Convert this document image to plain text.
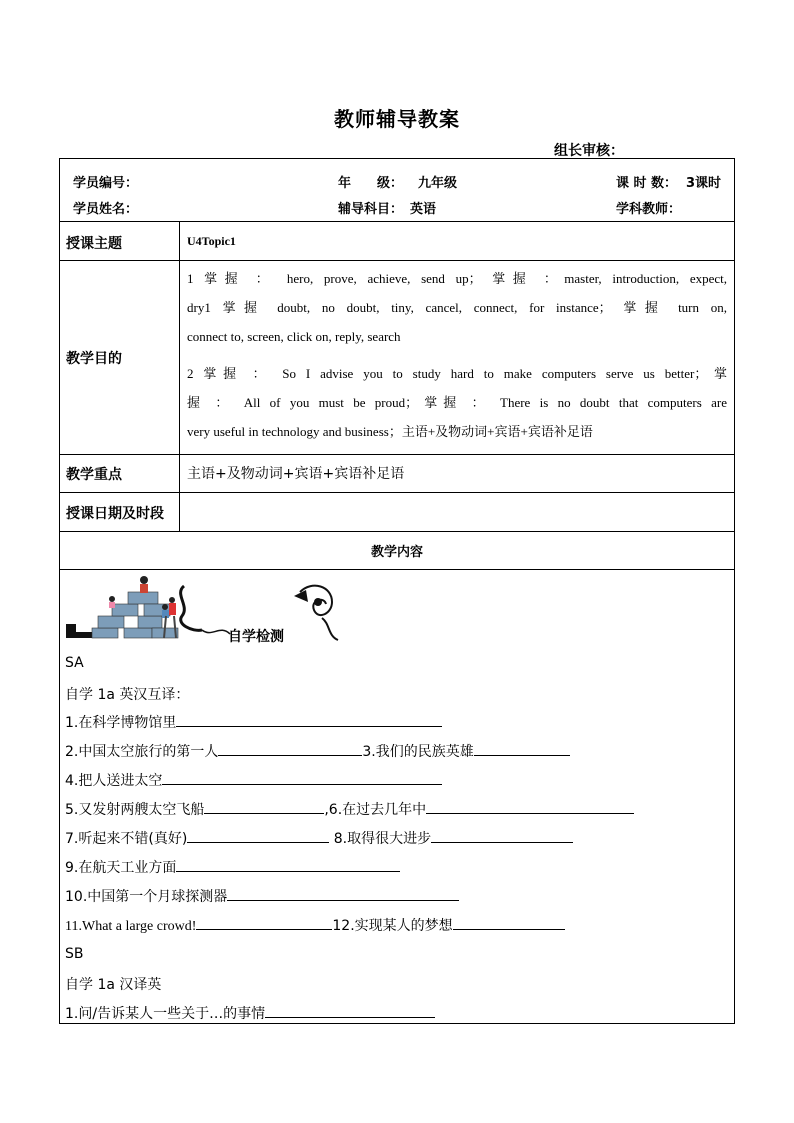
教师辅导教案
组长审核：
学员编号：	年　　级： 九年级	课 时 数： 3课时
学员姓名：	辅导科目： 英语	学科教师：
授课主题	U4Topic1
教学目的
1 掌握 ： hero, prove, achieve, send up； 掌握 ：master, introduction, expect,
dry1 掌握 doubt, no doubt, tiny, cancel, connect, for instance； 掌握 turn on,
connect to, screen, click on, reply, search
2 掌握 ： So I advise you to study hard to make computers serve us better；掌
握 ： All of you must be proud；掌握 ： There is no doubt that computers are
very useful in technology and business；主语+及物动词+宾语+宾语补足语
教学重点	主语+及物动词+宾语+宾语补足语
授课日期及时段
教学内容
自学检测
SA
自学 1a 英汉互译：
1.在科学博物馆里
2.中国太空旅行的第一人	3.我们的民族英雄
4.把人送进太空
5.又发射两艘太空飞船	,6.在过去几年中
7.听起来不错(真好)	8.取得很大进步
9.在航天工业方面
10.中国第一个月球探测器
11.What a large crowd!	12.实现某人的梦想
SB
自学 1a 汉译英
1.问/告诉某人一些关于…的事情
